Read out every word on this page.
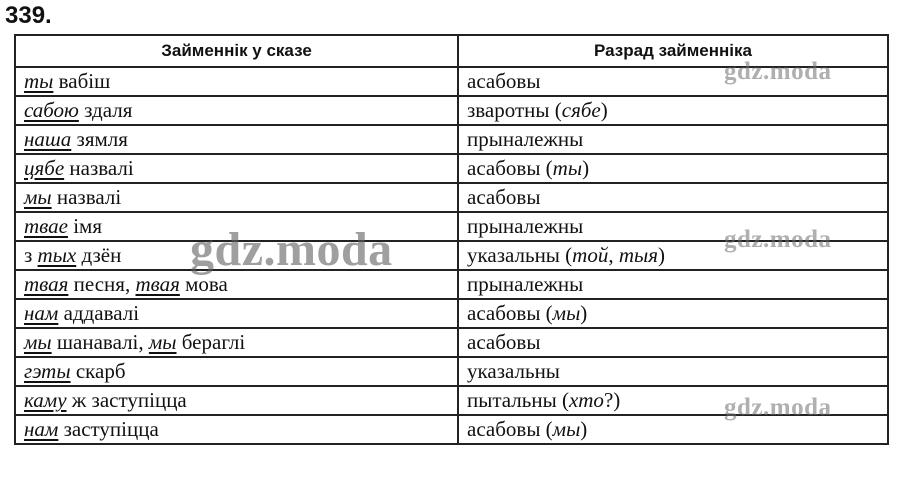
339.
Займеннік у сказе	Разрад займенніка
ты вабіш	асабовы
сабою здаля	зваротны (сябе)
наша зямля	прыналежны
цябе назвалі	асабовы (ты)
мы назвалі	асабовы
твае імя	прыналежны
з тых дзён	указальны (той, тыя)
твая песня, твая мова	прыналежны
нам аддавалі	асабовы (мы)
мы шанавалі, мы берaглі	асабовы
гэты скарб	указальны
каму ж заступіцца	пытальны (хто?)
нам заступіцца	асабовы (мы)
gdz.moda
gdz.moda
gdz.moda
gdz.moda
